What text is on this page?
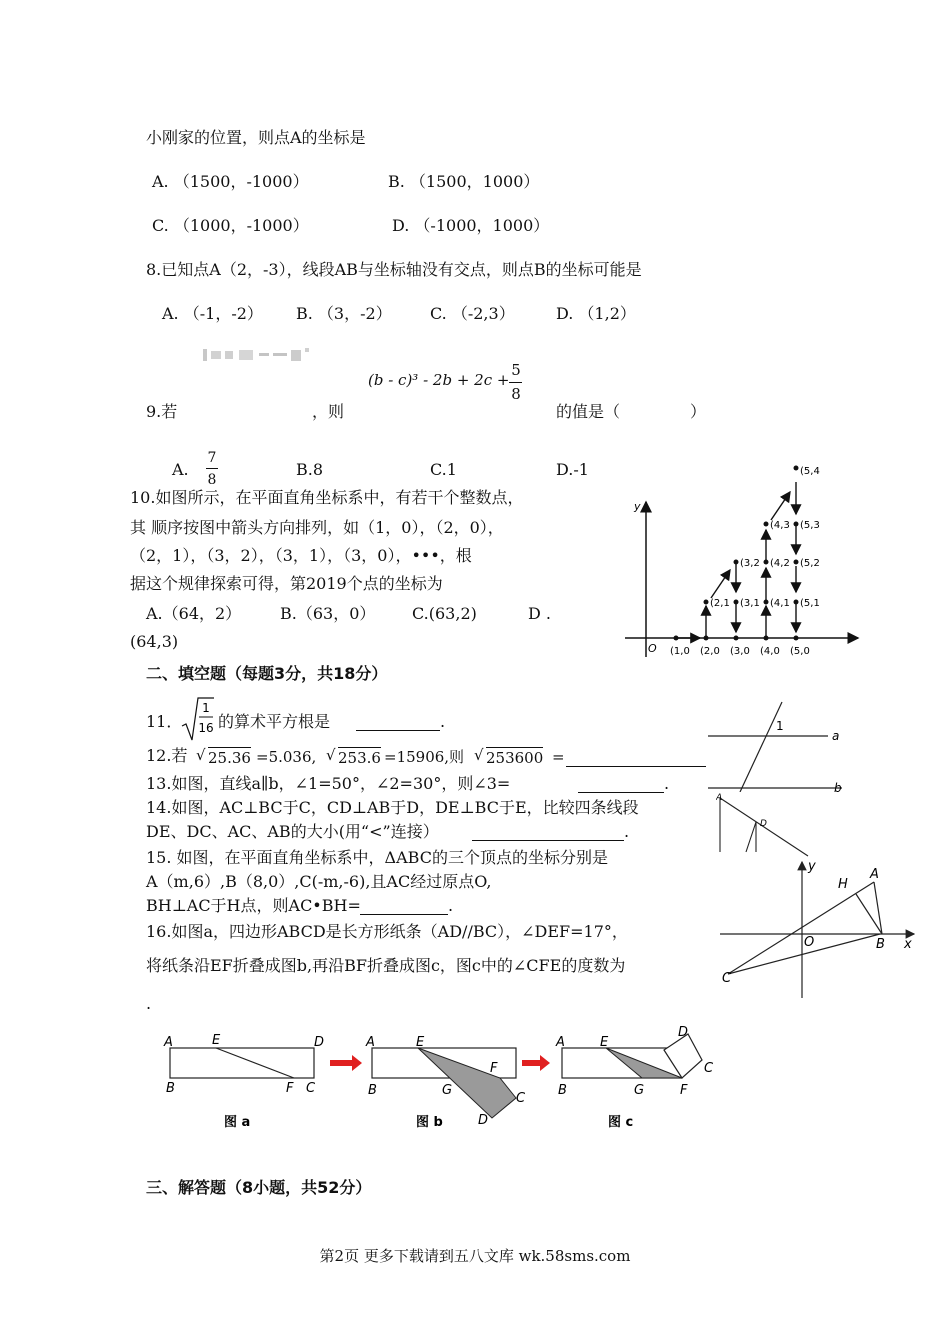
小刚家的位置，则点A的坐标是
A. （1500，-1000）	B. （1500，1000）
C. （1000，-1000）	D. （-1000，1000）
8.已知点A（2，-3），线段AB与坐标轴没有交点，则点B的坐标可能是
A. （-1，-2） B. （3，-2） C. （-2,3）	D. （1,2）
(b - c)³ - 2b + 2c +
5
8
9.若	，则	的值是（	）
A.
7
8
B.8	C.1	D.-1
10.如图所示，在平面直角坐标系中，有若干个整数点，
其 顺序按图中箭头方向排列，如（1，0），（2，0），
（2，1），（3，2），（3，1），（3，0），•••，根
据这个规律探索可得，第2019个点的坐标为
A.（64，2） B.（63，0） C.(63,2)	D .
(64,3)
y
O (1,0 (2,0 (3,0 (4,0 (5,0
(2,1 (3,1 (4,1 (5,1
(3,2 (4,2 (5,2
(4,3 (5,3
(5,4
二、填空题（每题3分，共18分）
11．
1
16 的算术平方根是	.
12.若 √ 25.36 =5.036, √ 253.6 =15906,则 √ 253600 =
13.如图，直线a∥b，∠1=50°，∠2=30°，则∠3=	.
14.如图，AC⊥BC于C，CD⊥AB于D，DE⊥BC于E，比较四条线段
DE、DC、AC、AB的大小(用“<”连接）	.
15. 如图，在平面直角坐标系中，ΔABC的三个顶点的坐标分别是
A（m,6）,B（8,0）,C(-m,-6),且AC经过原点O,
BH⊥AC于H点，则AC•BH=	.
16.如图a，四边形ABCD是长方形纸条（AD//BC），∠DEF=17°，
将纸条沿EF折叠成图b,再沿BF折叠成图c，图c中的∠CFE的度数为
.
1
a
b
A
D
y
H
A
O	B x
C
A	E	D
B	F C
图 a
A	E
F
B	G
C
D
图 b
A	E
D
C
B	G	F
图 c
三、解答题（8小题，共52分）
第2页 更多下载请到五八文库 wk.58sms.com
